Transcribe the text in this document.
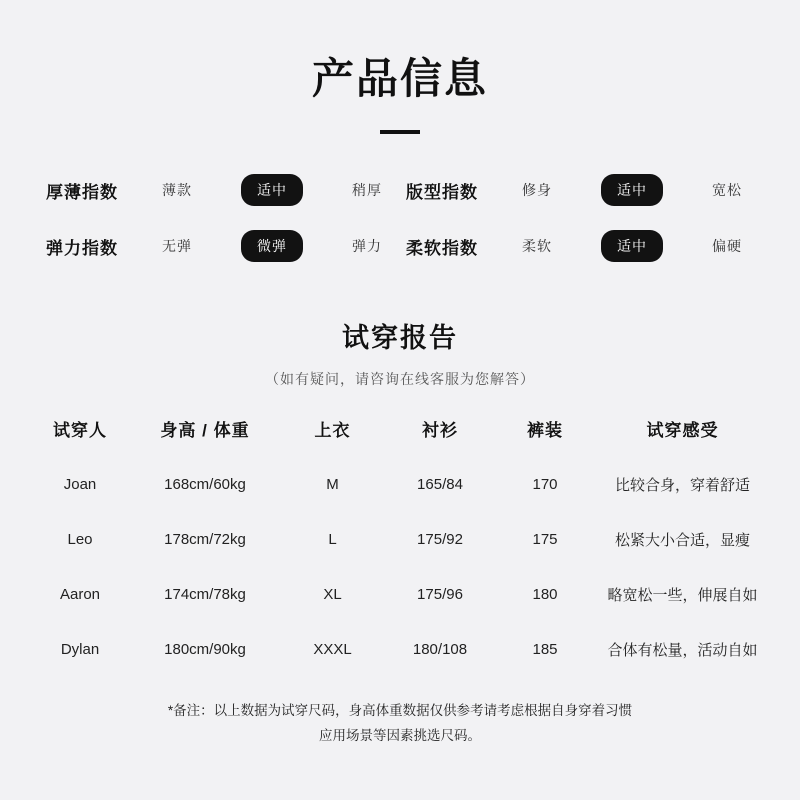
产品信息
厚薄指数	薄款	适中	稍厚	版型指数	修身	适中	宽松
弹力指数	无弹	微弹	弹力	柔软指数	柔软	适中	偏硬
试穿报告
（如有疑问，请咨询在线客服为您解答）
试穿人	身高 / 体重	上衣	衬衫	裤装	试穿感受
Joan	168cm/60kg	M	165/84	170	比较合身，穿着舒适
Leo	178cm/72kg	L	175/92	175	松紧大小合适，显瘦
Aaron	174cm/78kg	XL	175/96	180	略宽松一些，伸展自如
Dylan	180cm/90kg	XXXL	180/108	185	合体有松量，活动自如
*备注：以上数据为试穿尺码，身高体重数据仅供参考请考虑根据自身穿着习惯
应用场景等因素挑选尺码。
